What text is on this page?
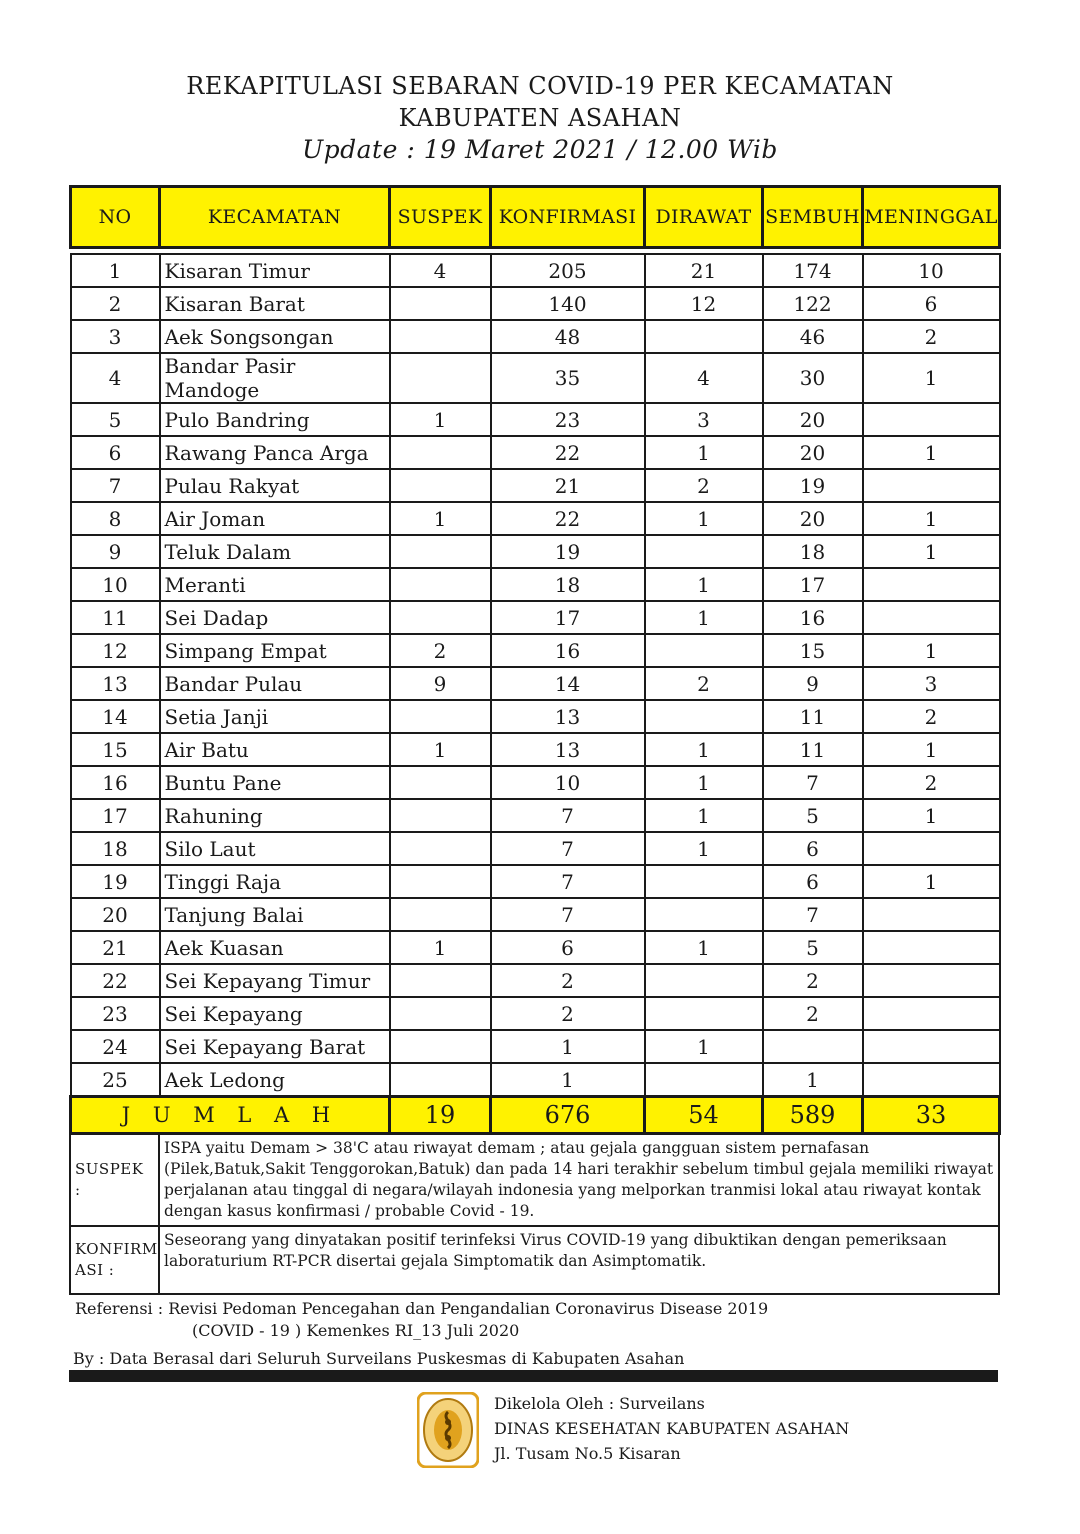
REKAPITULASI SEBARAN COVID-19 PER KECAMATAN
KABUPATEN ASAHAN
Update : 19 Maret 2021 / 12.00 Wib
NO	KECAMATAN	SUSPEK	KONFIRMASI	DIRAWAT	SEMBUH	MENINGGAL

1	Kisaran Timur	4	205	21	174	10
2	Kisaran Barat		140	12	122	6
3	Aek Songsongan		48		46	2
4	Bandar Pasir Mandoge		35	4	30	1
5	Pulo Bandring	1	23	3	20	
6	Rawang Panca Arga		22	1	20	1
7	Pulau Rakyat		21	2	19	
8	Air Joman	1	22	1	20	1
9	Teluk Dalam		19		18	1
10	Meranti		18	1	17	
11	Sei Dadap		17	1	16	
12	Simpang Empat	2	16		15	1
13	Bandar Pulau	9	14	2	9	3
14	Setia Janji		13		11	2
15	Air Batu	1	13	1	11	1
16	Buntu Pane		10	1	7	2
17	Rahuning		7	1	5	1
18	Silo Laut		7	1	6	
19	Tinggi Raja		7		6	1
20	Tanjung Balai		7		7	
21	Aek Kuasan	1	6	1	5	
22	Sei Kepayang Timur		2		2	
23	Sei Kepayang		2		2	
24	Sei Kepayang Barat		1	1		
25	Aek Ledong		1		1	
J U M L A H		19	676	54	589	33
SUSPEK :	ISPA yaitu Demam > 38'C atau riwayat demam ; atau gejala gangguan sistem pernafasan (Pilek,Batuk,Sakit Tenggorokan,Batuk) dan pada 14 hari terakhir sebelum timbul gejala memiliki riwayat perjalanan atau tinggal di negara/wilayah indonesia yang melporkan tranmisi lokal atau riwayat kontak dengan kasus konfirmasi / probable Covid - 19.
KONFIRM ASI :	Seseorang yang dinyatakan positif terinfeksi Virus COVID-19 yang dibuktikan dengan pemeriksaan laboraturium RT-PCR disertai gejala Simptomatik dan Asimptomatik.
Referensi : Revisi Pedoman Pencegahan dan Pengandalian Coronavirus Disease 2019
(COVID - 19 ) Kemenkes RI_13 Juli 2020
By : Data Berasal dari Seluruh Surveilans Puskesmas di Kabupaten Asahan
Dikelola Oleh : Surveilans
DINAS KESEHATAN KABUPATEN ASAHAN
Jl. Tusam No.5 Kisaran
